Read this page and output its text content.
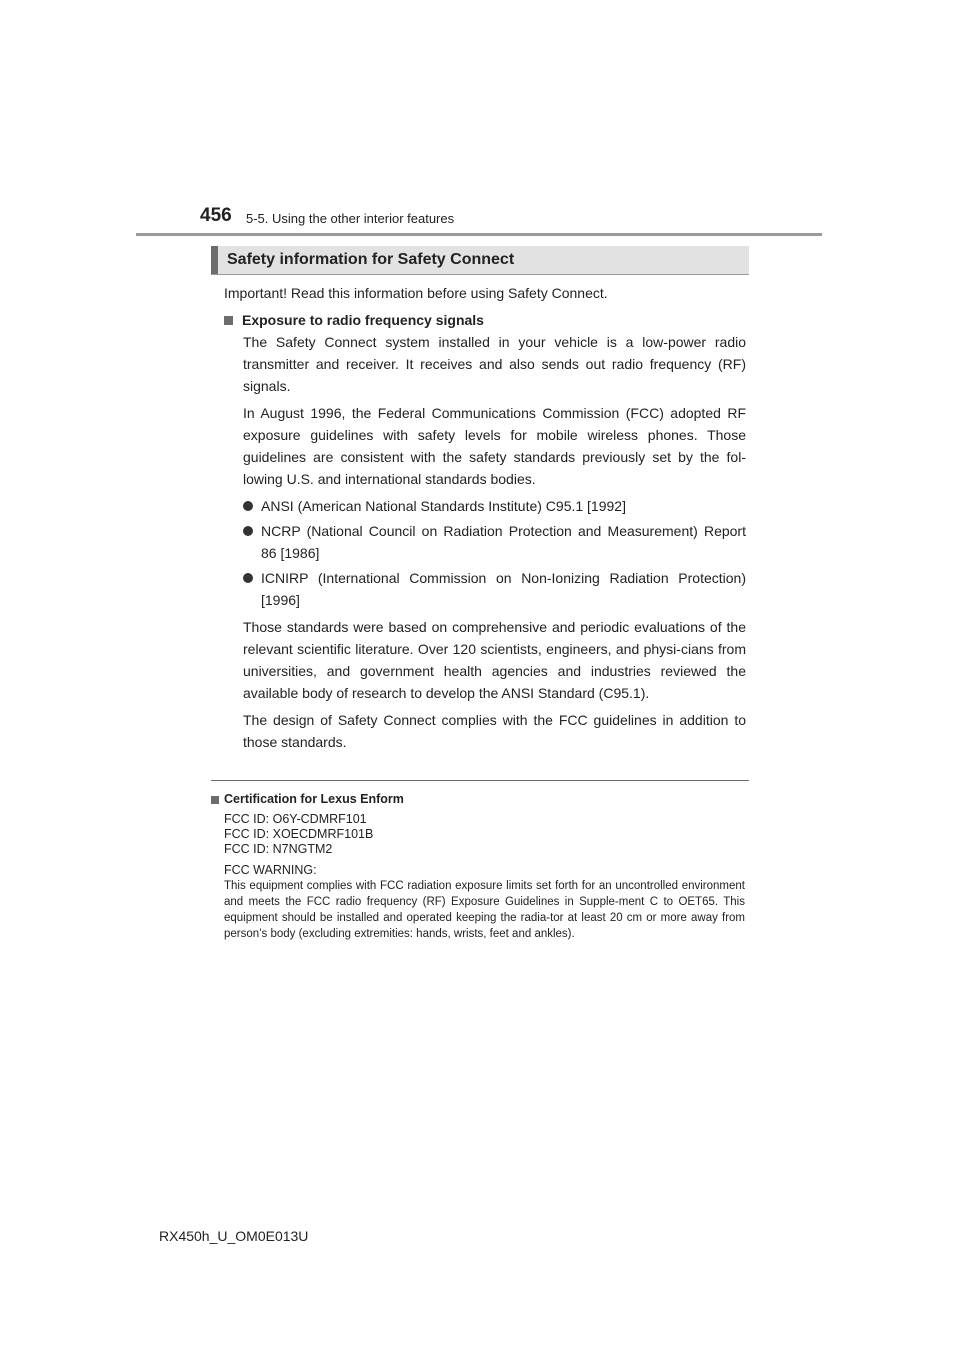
456 5-5. Using the other interior features
Safety information for Safety Connect

Important! Read this information before using Safety Connect.

Exposure to radio frequency signals

The Safety Connect system installed in your vehicle is a low-power radio transmitter and receiver. It receives and also sends out radio frequency (RF) signals.

In August 1996, the Federal Communications Commission (FCC) adopted RF exposure guidelines with safety levels for mobile wireless phones. Those guidelines are consistent with the safety standards previously set by the fol-lowing U.S. and international standards bodies.

ANSI (American National Standards Institute) C95.1 [1992]
NCRP (National Council on Radiation Protection and Measurement) Report 86 [1986]
ICNIRP (International Commission on Non-Ionizing Radiation Protection) [1996]

Those standards were based on comprehensive and periodic evaluations of the relevant scientific literature. Over 120 scientists, engineers, and physi-cians from universities, and government health agencies and industries reviewed the available body of research to develop the ANSI Standard (C95.1).

The design of Safety Connect complies with the FCC guidelines in addition to those standards.

Certification for Lexus Enform

FCC ID: O6Y-CDMRF101

FCC ID: XOECDMRF101B

FCC ID: N7NGTM2

FCC WARNING:

This equipment complies with FCC radiation exposure limits set forth for an uncontrolled environment and meets the FCC radio frequency (RF) Exposure Guidelines in Supple-ment C to OET65. This equipment should be installed and operated keeping the radia-tor at least 20 cm or more away from person’s body (excluding extremities: hands, wrists, feet and ankles).

RX450h_U_OM0E013U
